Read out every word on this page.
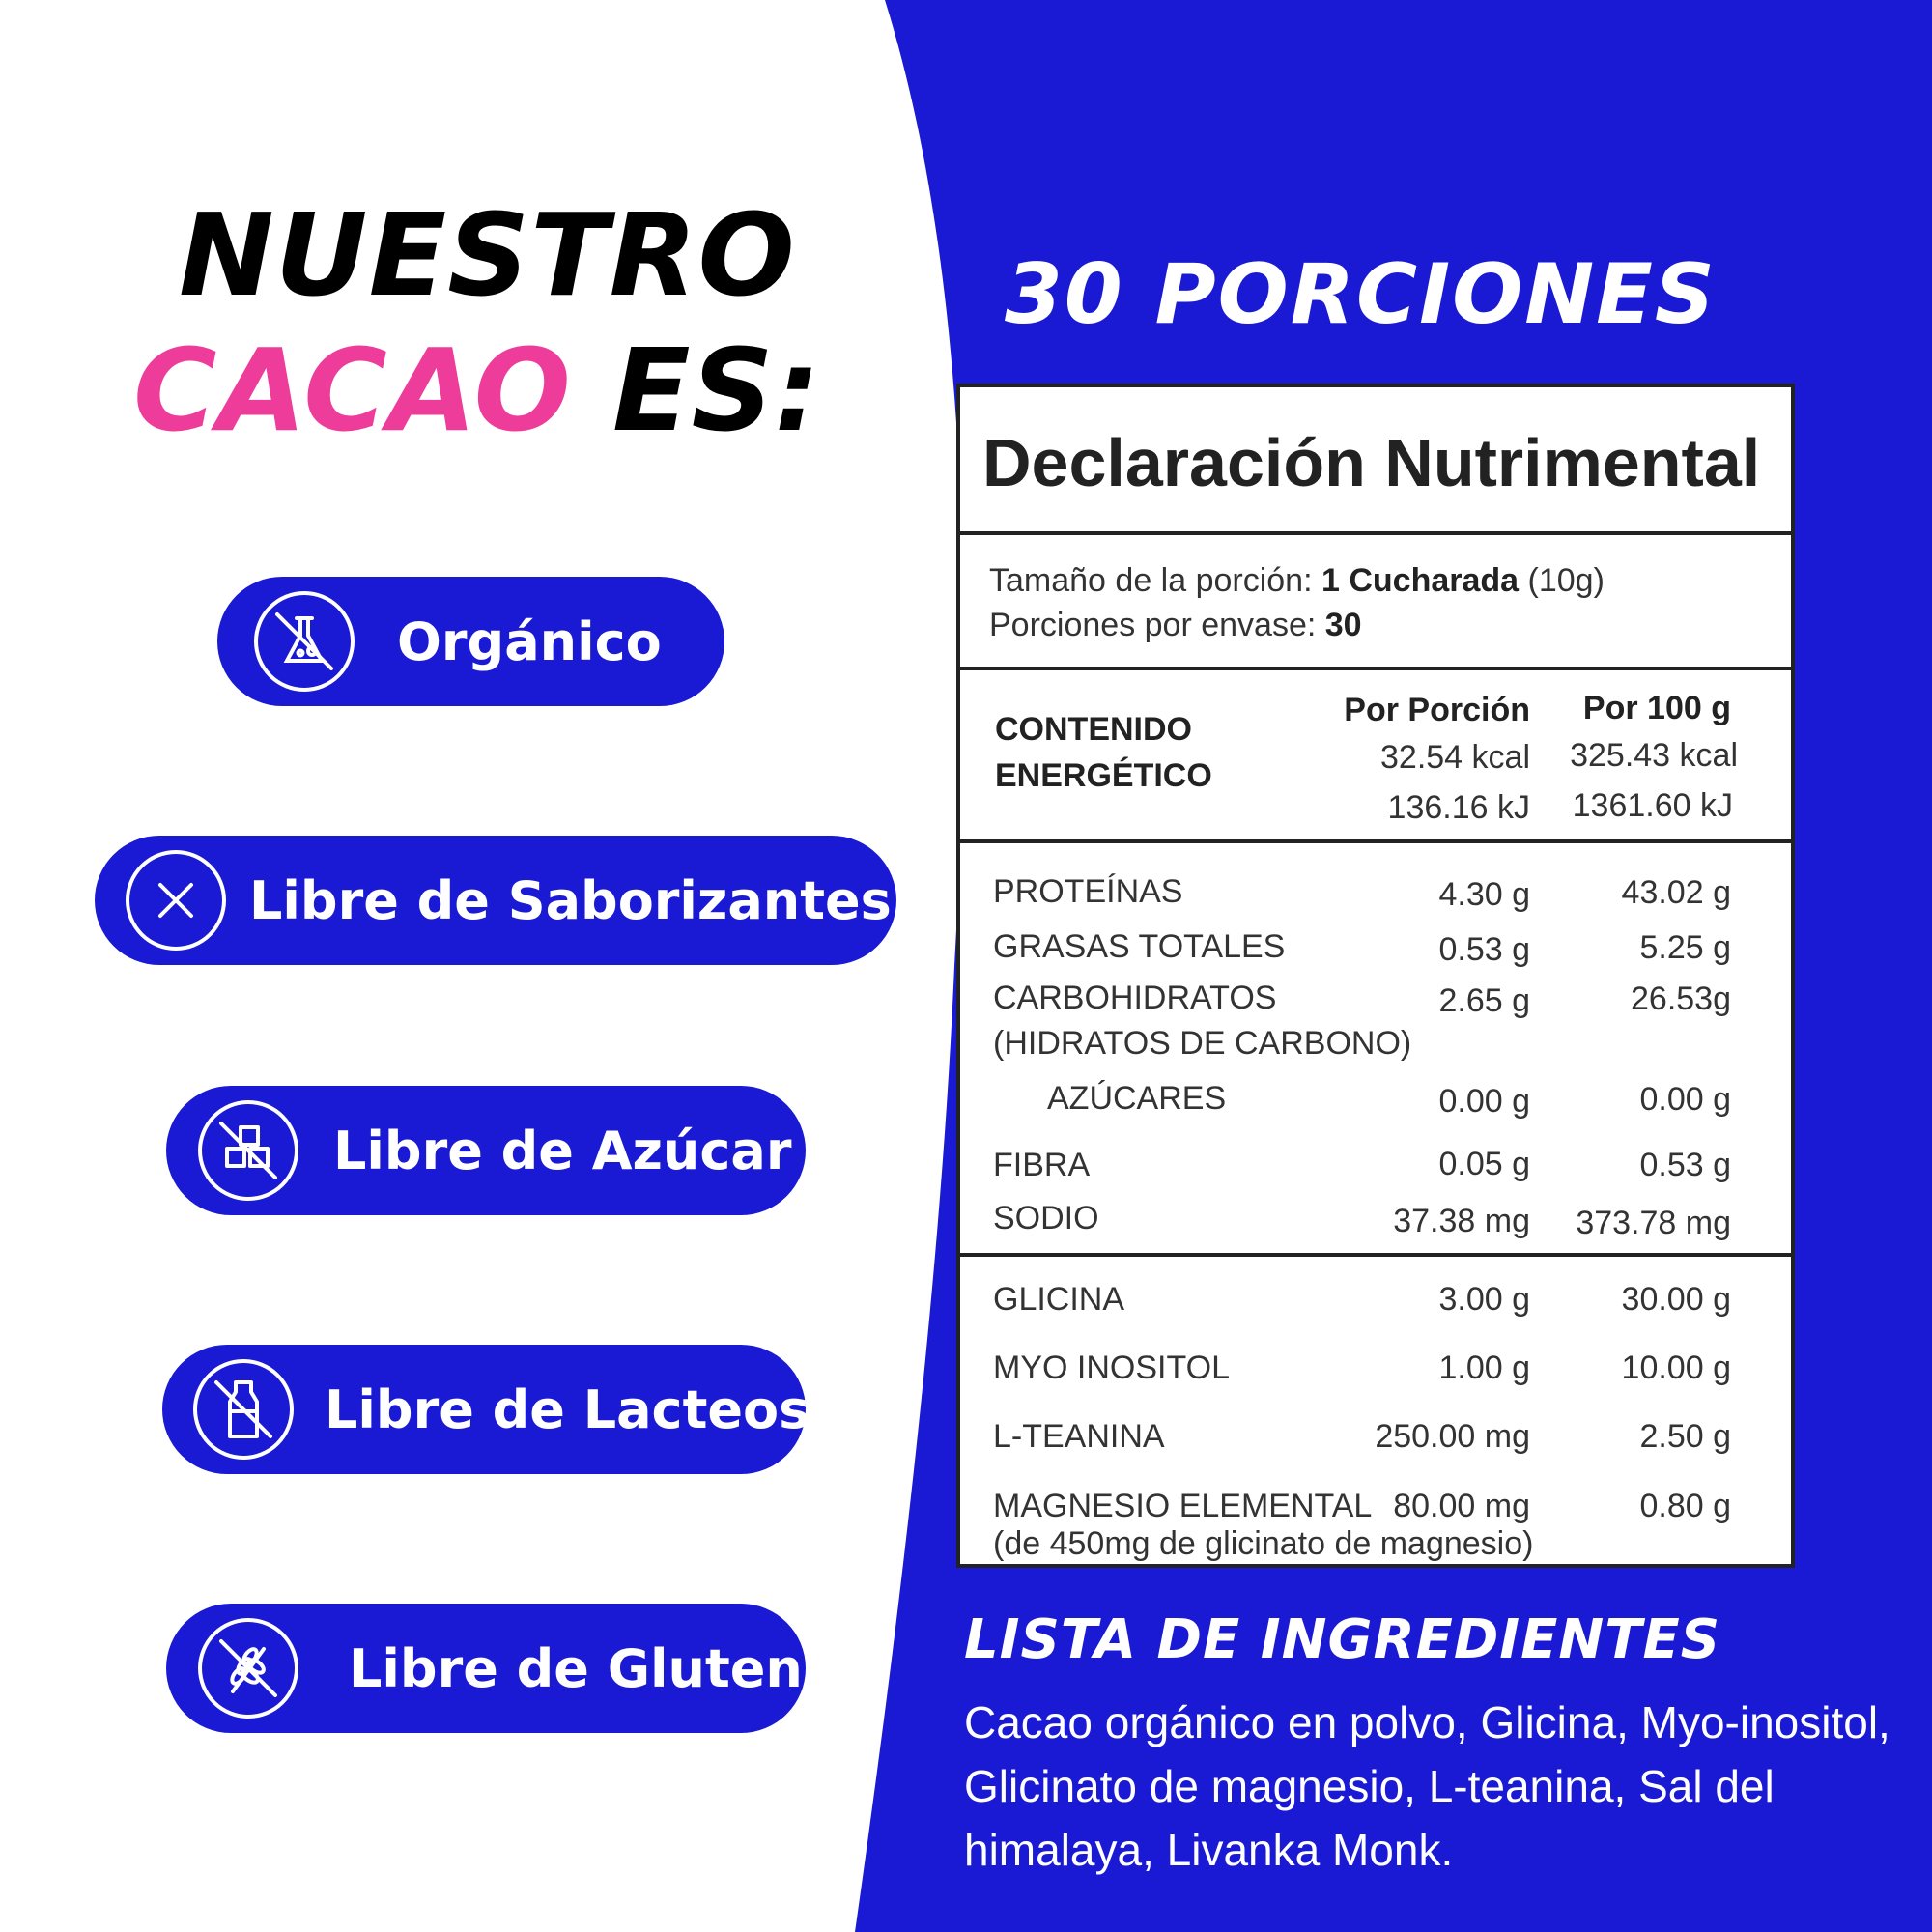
NUESTRO
CACAO ES:
Orgánico
Libre de Saborizantes
Libre de Azúcar
Libre de Lacteos
Libre de Gluten
30 PORCIONES
Declaración Nutrimental
Tamaño de la porción: 1 Cucharada (10g)
Porciones por envase: 30
CONTENIDO
ENERGÉTICO
Por Porción	Por 100 g
32.54 kcal	325.43 kcal
136.16 kJ	1361.60 kJ
PROTEÍNAS	4.30 g	43.02 g
GRASAS TOTALES	0.53 g	5.25 g
CARBOHIDRATOS	2.65 g	26.53g
(HIDRATOS DE CARBONO)
AZÚCARES	0.00 g	0.00 g
FIBRA	0.05 g	0.53 g
SODIO	37.38 mg	373.78 mg
GLICINA	3.00 g	30.00 g
MYO INOSITOL	1.00 g	10.00 g
L-TEANINA	250.00 mg	2.50 g
MAGNESIO ELEMENTAL 80.00 mg	0.80 g
(de 450mg de glicinato de magnesio)
LISTA DE INGREDIENTES
Cacao orgánico en polvo, Glicina, Myo-inositol, Glicinato de magnesio, L-teanina, Sal del himalaya, Livanka Monk.
